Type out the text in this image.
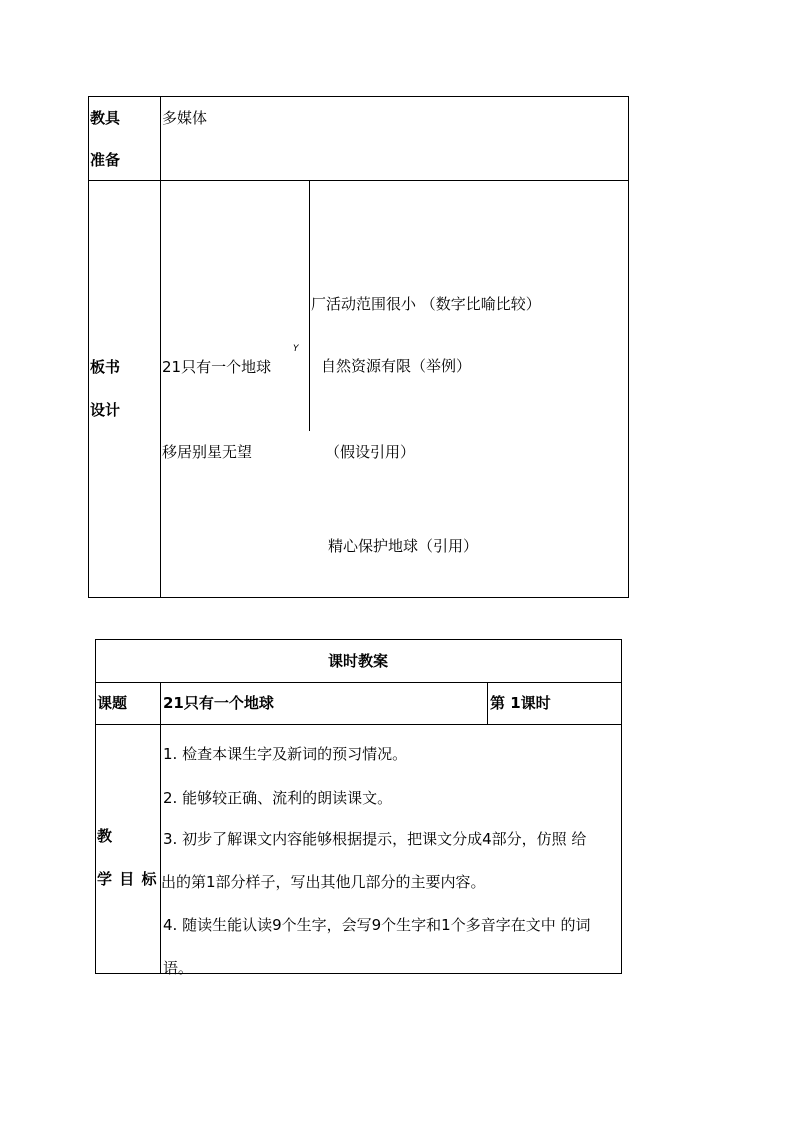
教具
准备
多媒体
板书
设计
21只有一个地球
Y
厂活动范围很小 （数字比喻比较）
自然资源有限（举例）
移居别星无望	（假设引用）
精心保护地球（引用）
课时教案
课题 21只有一个地球	第 1课时
教
学 目 标
1. 检查本课生字及新词的预习情况。
2. 能够较正确、流利的朗读课文。
3. 初步了解课文内容能够根据提示，把课文分成4部分，仿照 给
出的第1部分样子，写出其他几部分的主要内容。
4. 随读生能认读9个生字，会写9个生字和1个多音字在文中 的词
语。
